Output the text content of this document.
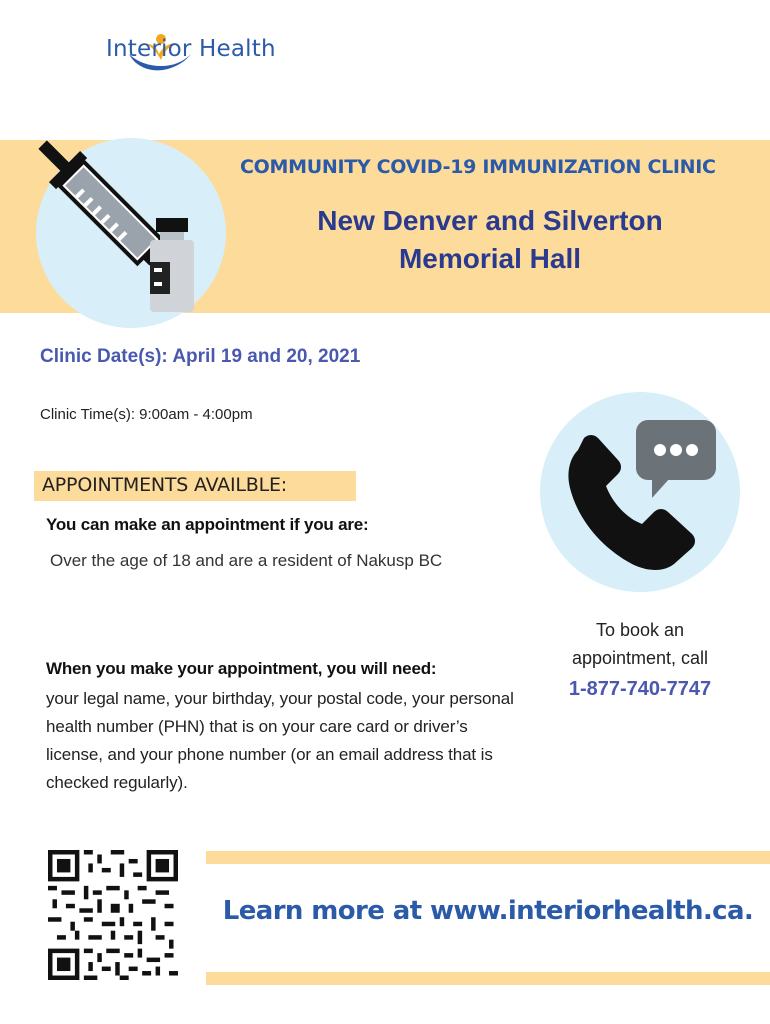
Interior Health
COMMUNITY COVID-19 IMMUNIZATION CLINIC
New Denver and Silverton
Memorial Hall
Clinic Date(s): April 19 and 20, 2021
Clinic Time(s): 9:00am - 4:00pm
APPOINTMENTS AVAILBLE:
You can make an appointment if you are:
Over the age of 18 and are a resident of Nakusp BC
When you make your appointment, you will need:
your legal name, your birthday, your postal code, your personal health number (PHN) that is on your care card or driver’s license, and your phone number (or an email address that is checked regularly).
To book an
appointment, call
1-877-740-7747
Learn more at www.interiorhealth.ca.
